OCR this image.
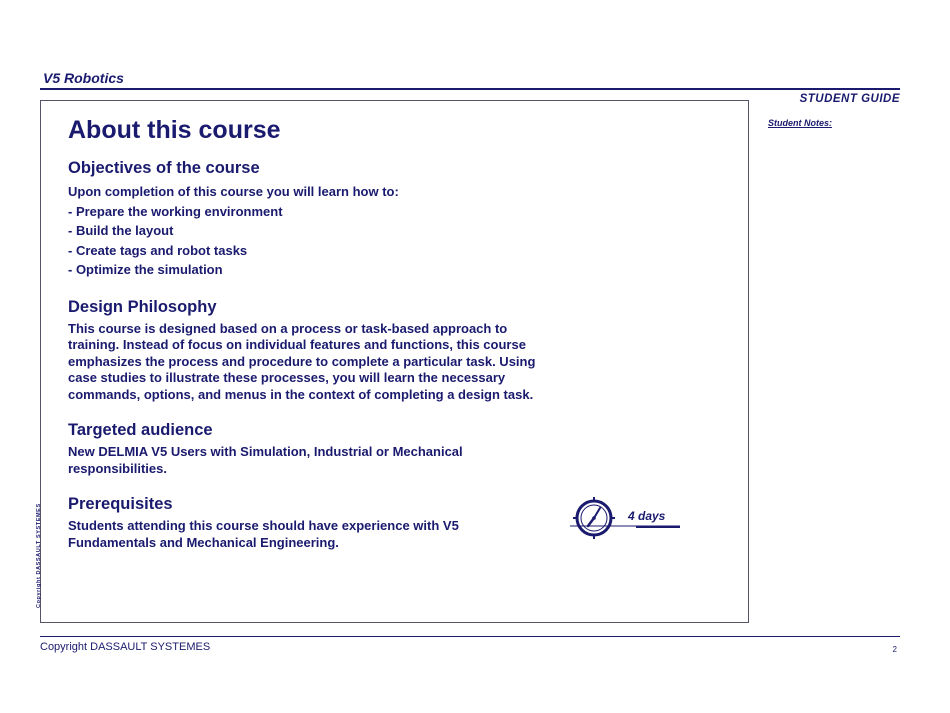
V5 Robotics
STUDENT GUIDE
Student Notes:
Copyright DASSAULT SYSTEMES
About this course
Objectives of the course
Upon completion of this course you will learn how to:
- Prepare the working environment
- Build the layout
- Create tags and robot tasks
- Optimize the simulation
Design Philosophy
This course is designed based on a process or task-based approach to
training. Instead of focus on individual features and functions, this course
emphasizes the process and procedure to complete a particular task. Using
case studies to illustrate these processes, you will learn the necessary
commands, options, and menus in the context of completing a design task.
Targeted audience
New DELMIA V5 Users with Simulation, Industrial or Mechanical
responsibilities.
Prerequisites
Students attending this course should have experience with V5
Fundamentals and Mechanical Engineering.
4 days
Copyright DASSAULT SYSTEMES	2
